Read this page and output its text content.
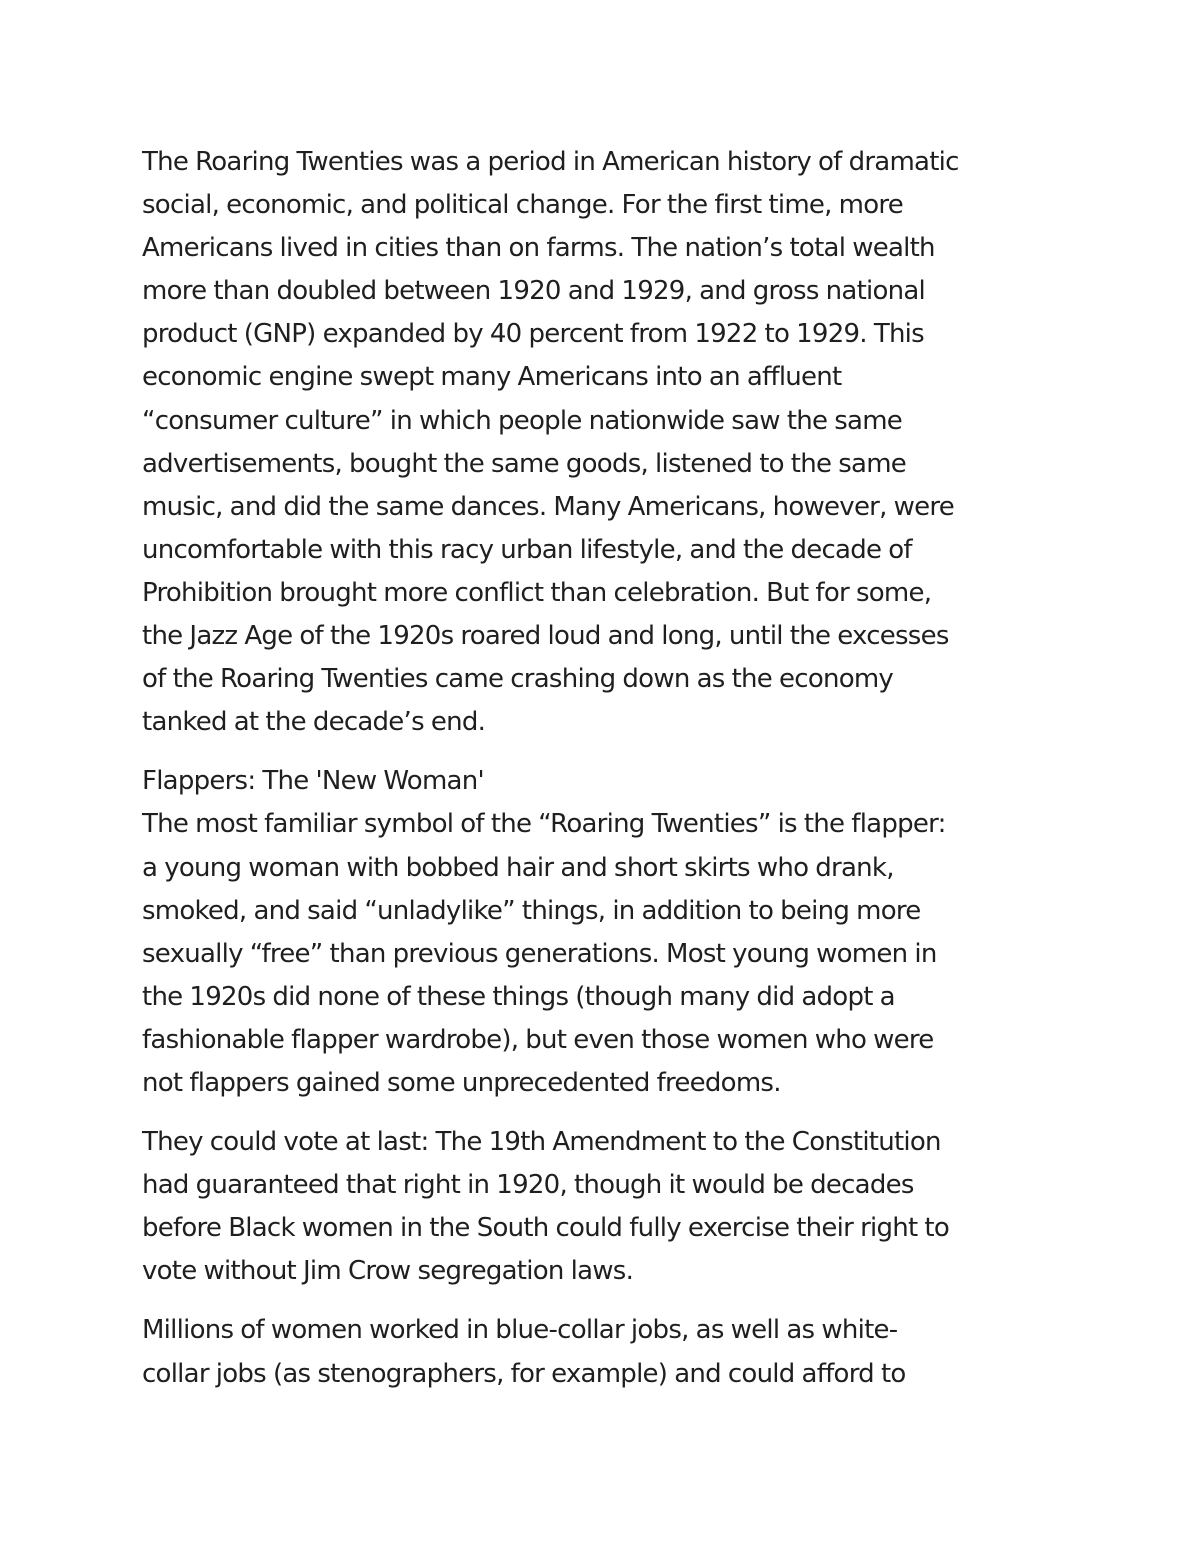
The Roaring Twenties was a period in American history of dramatic
social, economic, and political change. For the first time, more
Americans lived in cities than on farms. The nation’s total wealth
more than doubled between 1920 and 1929, and gross national
product (GNP) expanded by 40 percent from 1922 to 1929. This
economic engine swept many Americans into an affluent
“consumer culture” in which people nationwide saw the same
advertisements, bought the same goods, listened to the same
music, and did the same dances. Many Americans, however, were
uncomfortable with this racy urban lifestyle, and the decade of
Prohibition brought more conflict than celebration. But for some,
the Jazz Age of the 1920s roared loud and long, until the excesses
of the Roaring Twenties came crashing down as the economy
tanked at the decade’s end.

Flappers: The 'New Woman'
The most familiar symbol of the “Roaring Twenties” is the flapper:
a young woman with bobbed hair and short skirts who drank,
smoked, and said “unladylike” things, in addition to being more
sexually “free” than previous generations. Most young women in
the 1920s did none of these things (though many did adopt a
fashionable flapper wardrobe), but even those women who were
not flappers gained some unprecedented freedoms.

They could vote at last: The 19th Amendment to the Constitution
had guaranteed that right in 1920, though it would be decades
before Black women in the South could fully exercise their right to
vote without Jim Crow segregation laws.

Millions of women worked in blue-collar jobs, as well as white-
collar jobs (as stenographers, for example) and could afford to
